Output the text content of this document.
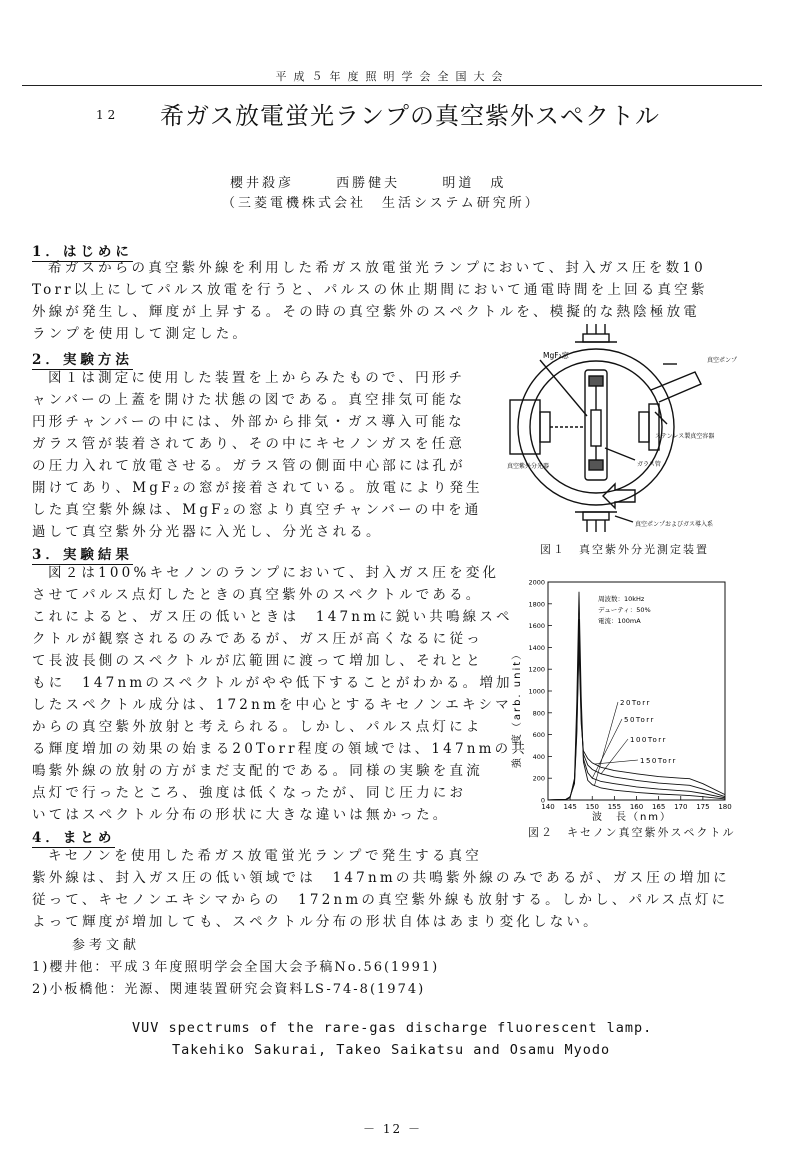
平成５年度照明学会全国大会
12 希ガス放電蛍光ランプの真空紫外スペクトル
櫻井殺彦	西勝健夫	明道　成
（三菱電機株式会社　生活システム研究所）
1．はじめに
希ガスからの真空紫外線を利用した希ガス放電蛍光ランプにおいて、封入ガス圧を数10
Torr以上にしてパルス放電を行うと、パルスの休止期間において通電時間を上回る真空紫
外線が発生し、輝度が上昇する。その時の真空紫外のスペクトルを、模擬的な熱陰極放電
ランプを使用して測定した。
2．実験方法
図１は測定に使用した装置を上からみたもので、円形チ
ャンバーの上蓋を開けた状態の図である。真空排気可能な
円形チャンバーの中には、外部から排気・ガス導入可能な
ガラス管が装着されてあり、その中にキセノンガスを任意
の圧力入れて放電させる。ガラス管の側面中心部には孔が
開けてあり、MgF₂の窓が接着されている。放電により発生
した真空紫外線は、MgF₂の窓より真空チャンバーの中を通
過して真空紫外分光器に入光し、分光される。
3．実験結果
図２は100%キセノンのランプにおいて、封入ガス圧を変化
させてパルス点灯したときの真空紫外のスペクトルである。
これによると、ガス圧の低いときは　147nmに鋭い共鳴線スペ
クトルが観察されるのみであるが、ガス圧が高くなるに従っ
て長波長側のスペクトルが広範囲に渡って増加し、それとと
もに　147nmのスペクトルがやや低下することがわかる。増加
したスペクトル成分は、172nmを中心とするキセノンエキシマ
からの真空紫外放射と考えられる。しかし、パルス点灯によ
る輝度増加の効果の始まる20Torr程度の領域では、147nmの共
鳴紫外線の放射の方がまだ支配的である。同様の実験を直流
点灯で行ったところ、強度は低くなったが、同じ圧力にお
いてはスペクトル分布の形状に大きな違いは無かった。
4．まとめ
キセノンを使用した希ガス放電蛍光ランプで発生する真空
紫外線は、封入ガス圧の低い領域では　147nmの共鳴紫外線のみであるが、ガス圧の増加に
従って、キセノンエキシマからの　172nmの真空紫外線も放射する。しかし、パルス点灯に
よって輝度が増加しても、スペクトル分布の形状自体はあまり変化しない。
参考文献
1)櫻井他：平成３年度照明学会全国大会予稿No.56(1991)
2)小板橋他：光源、関連装置研究会資料LS-74-8(1974)
VUV spectrums of the rare-gas discharge fluorescent lamp.
Takehiko Sakurai, Takeo Saikatsu and Osamu Myodo
MgF₂窓
真空ポンプ
ステンレス製真空容器
真空紫外分光器	ガラス管
真空ポンプおよびガス導入系
図１　真空紫外分光測定装置
140 145 150 155 160 165 170 175 180
0
200
400
600
800
1000
1200
1400
1600
1800
2000
20Torr
50Torr
100Torr
150Torr
周波数：10kHz
デューティ：50%
電流：100mA
波　長（nm）
強　度（arb. unit）
図２　キセノン真空紫外スペクトル
－ 12 －
